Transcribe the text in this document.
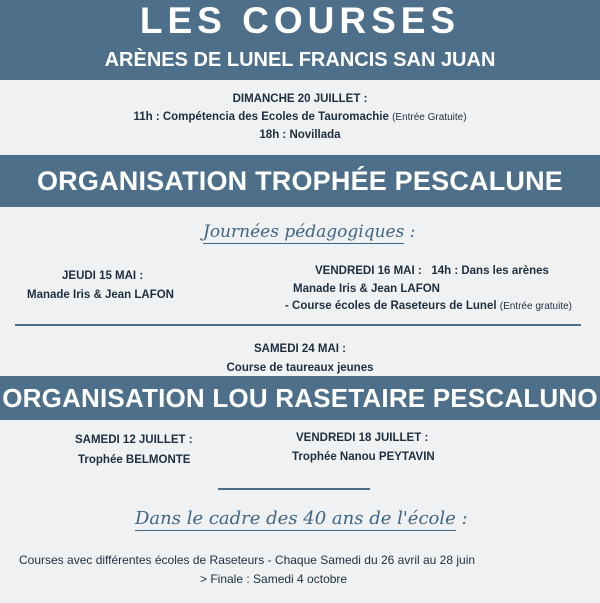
LES COURSES
ARÈNES DE LUNEL FRANCIS SAN JUAN
DIMANCHE 20 JUILLET :
11h : Compétencia des Ecoles de Tauromachie (Entrée Gratuite)
18h : Novillada
ORGANISATION TROPHÉE PESCALUNE
Journées pédagogiques :
JEUDI 15 MAI :
Manade Iris & Jean LAFON
VENDREDI 16 MAI : 14h : Dans les arènes
Manade Iris & Jean LAFON
- Course écoles de Raseteurs de Lunel (Entrée gratuite)
SAMEDI 24 MAI :
Course de taureaux jeunes
ORGANISATION LOU RASETAIRE PESCALUNO
SAMEDI 12 JUILLET :
Trophée BELMONTE
VENDREDI 18 JUILLET :
Trophée Nanou PEYTAVIN
Dans le cadre des 40 ans de l'école :
Courses avec différentes écoles de Raseteurs - Chaque Samedi du 26 avril au 28 juin
> Finale : Samedi 4 octobre
